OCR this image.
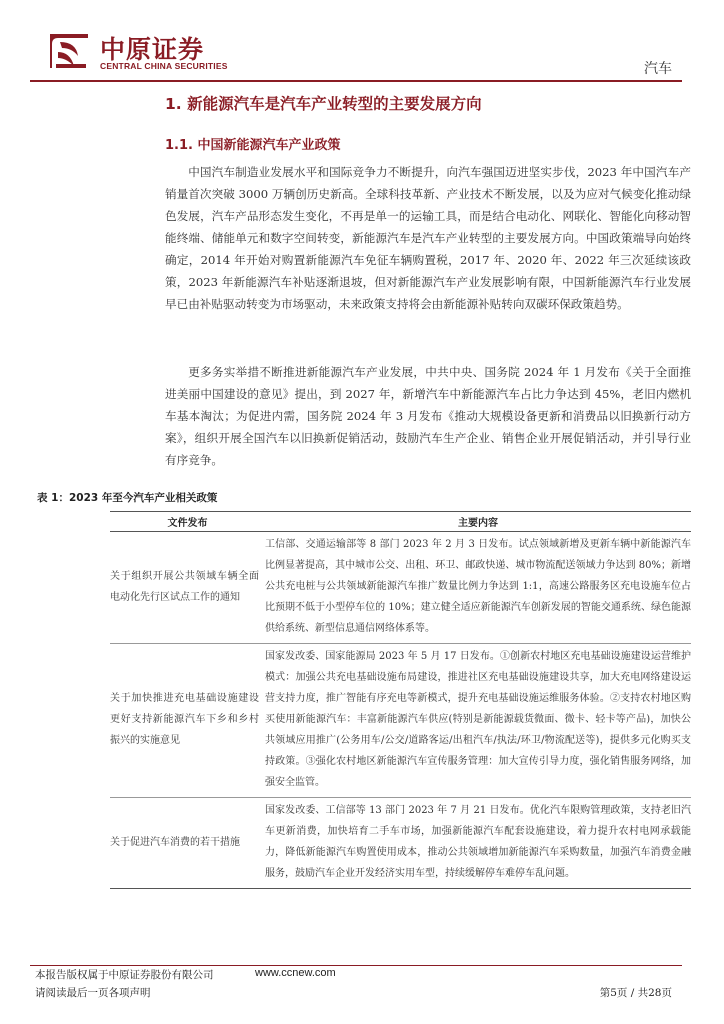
中原证券
CENTRAL CHINA SECURITIES	汽车
1. 新能源汽车是汽车产业转型的主要发展方向
1.1. 中国新能源汽车产业政策

中国汽车制造业发展水平和国际竞争力不断提升，向汽车强国迈进坚实步伐，2023 年中国汽车产销量首次突破 3000 万辆创历史新高。全球科技革新、产业技术不断发展，以及为应对气候变化推动绿色发展，汽车产品形态发生变化，不再是单一的运输工具，而是结合电动化、网联化、智能化向移动智能终端、储能单元和数字空间转变，新能源汽车是汽车产业转型的主要发展方向。中国政策端导向始终确定，2014 年开始对购置新能源汽车免征车辆购置税，2017 年、2020 年、2022 年三次延续该政策，2023 年新能源汽车补贴逐渐退坡，但对新能源汽车产业发展影响有限，中国新能源汽车行业发展早已由补贴驱动转变为市场驱动，未来政策支持将会由新能源补贴转向双碳环保政策趋势。

更多务实举措不断推进新能源汽车产业发展，中共中央、国务院 2024 年 1 月发布《关于全面推进美丽中国建设的意见》提出，到 2027 年，新增汽车中新能源汽车占比力争达到 45%，老旧内燃机车基本淘汰；为促进内需，国务院 2024 年 3 月发布《推动大规模设备更新和消费品以旧换新行动方案》，组织开展全国汽车以旧换新促销活动，鼓励汽车生产企业、销售企业开展促销活动，并引导行业有序竞争。

表 1：2023 年至今汽车产业相关政策
文件发布	主要内容
关于组织开展公共领域车辆全面电动化先行区试点工作的通知	工信部、交通运输部等 8 部门 2023 年 2 月 3 日发布。试点领域新增及更新车辆中新能源汽车比例显著提高，其中城市公交、出租、环卫、邮政快递、城市物流配送领域力争达到 80%；新增公共充电桩与公共领域新能源汽车推广数量比例力争达到 1:1，高速公路服务区充电设施车位占比预期不低于小型停车位的 10%；建立健全适应新能源汽车创新发展的智能交通系统、绿色能源供给系统、新型信息通信网络体系等。
关于加快推进充电基础设施建设更好支持新能源汽车下乡和乡村振兴的实施意见	国家发改委、国家能源局 2023 年 5 月 17 日发布。①创新农村地区充电基础设施建设运营维护模式：加强公共充电基础设施布局建设，推进社区充电基础设施建设共享，加大充电网络建设运营支持力度，推广智能有序充电等新模式，提升充电基础设施运维服务体验。②支持农村地区购买使用新能源汽车：丰富新能源汽车供应(特别是新能源载货微面、微卡、轻卡等产品)，加快公共领域应用推广(公务用车/公交/道路客运/出租汽车/执法/环卫/物流配送等)，提供多元化购买支持政策。③强化农村地区新能源汽车宣传服务管理：加大宣传引导力度，强化销售服务网络，加强安全监管。
关于促进汽车消费的若干措施	国家发改委、工信部等 13 部门 2023 年 7 月 21 日发布。优化汽车限购管理政策，支持老旧汽车更新消费，加快培育二手车市场，加强新能源汽车配套设施建设，着力提升农村电网承载能力，降低新能源汽车购置使用成本，推动公共领域增加新能源汽车采购数量，加强汽车消费金融服务，鼓励汽车企业开发经济实用车型，持续缓解停车难停车乱问题。
本报告版权属于中原证券股份有限公司	www.ccnew.com
请阅读最后一页各项声明	第5页 / 共28页
